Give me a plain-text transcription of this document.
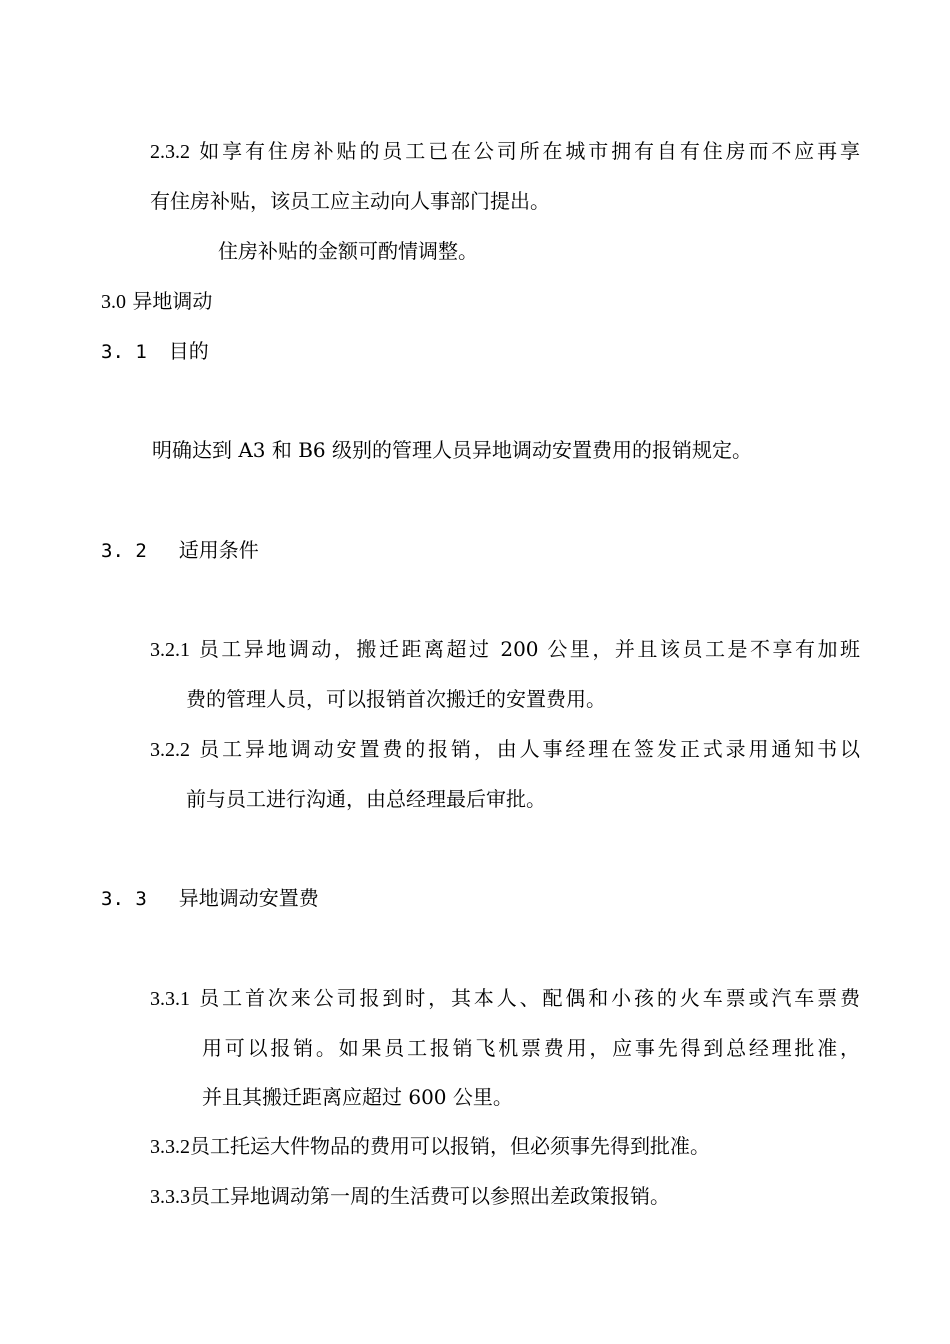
2.3.2 如享有住房补贴的员工已在公司所在城市拥有自有住房而不应再享
有住房补贴，该员工应主动向人事部门提出。
住房补贴的金额可酌情调整。
3.0 异地调动
3. 1 目的
明确达到 A3 和 B6 级别的管理人员异地调动安置费用的报销规定。
3. 2 适用条件
3.2.1 员工异地调动，搬迁距离超过 200 公里，并且该员工是不享有加班
费的管理人员，可以报销首次搬迁的安置费用。
3.2.2 员工异地调动安置费的报销，由人事经理在签发正式录用通知书以
前与员工进行沟通，由总经理最后审批。
3. 3 异地调动安置费
3.3.1 员工首次来公司报到时，其本人、配偶和小孩的火车票或汽车票费
用可以报销。如果员工报销飞机票费用，应事先得到总经理批准，
并且其搬迁距离应超过 600 公里。
3.3.2员工托运大件物品的费用可以报销，但必须事先得到批准。
3.3.3员工异地调动第一周的生活费可以参照出差政策报销。
